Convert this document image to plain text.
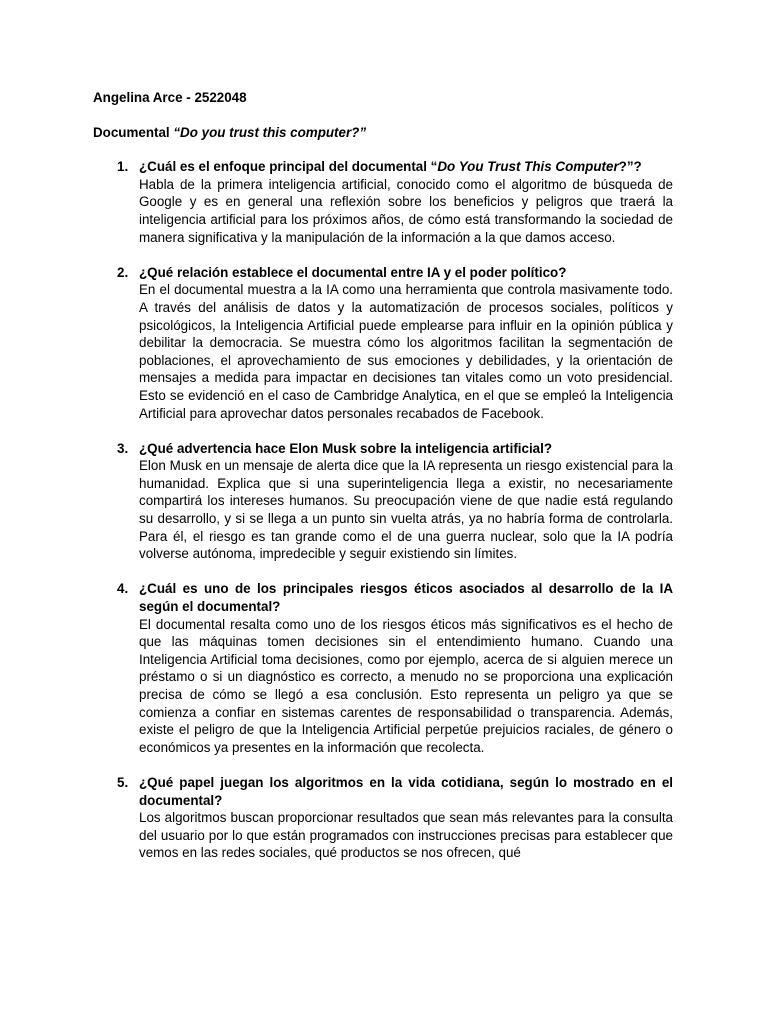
Angelina Arce - 2522048
Documental “Do you trust this computer?”
1. ¿Cuál es el enfoque principal del documental “Do You Trust This Computer?”?

Habla de la primera inteligencia artificial, conocido como el algoritmo de búsqueda de Google y es en general una reflexión sobre los beneficios y peligros que traerá la inteligencia artificial para los próximos años, de cómo está transformando la sociedad de manera significativa y la manipulación de la información a la que damos acceso.

2. ¿Qué relación establece el documental entre IA y el poder político?

En el documental muestra a la IA como una herramienta que controla masivamente todo. A través del análisis de datos y la automatización de procesos sociales, políticos y psicológicos, la Inteligencia Artificial puede emplearse para influir en la opinión pública y debilitar la democracia. Se muestra cómo los algoritmos facilitan la segmentación de poblaciones, el aprovechamiento de sus emociones y debilidades, y la orientación de mensajes a medida para impactar en decisiones tan vitales como un voto presidencial. Esto se evidenció en el caso de Cambridge Analytica, en el que se empleó la Inteligencia Artificial para aprovechar datos personales recabados de Facebook.

3. ¿Qué advertencia hace Elon Musk sobre la inteligencia artificial?

Elon Musk en un mensaje de alerta dice que la IA representa un riesgo existencial para la humanidad. Explica que si una superinteligencia llega a existir, no necesariamente compartirá los intereses humanos. Su preocupación viene de que nadie está regulando su desarrollo, y si se llega a un punto sin vuelta atrás, ya no habría forma de controlarla. Para él, el riesgo es tan grande como el de una guerra nuclear, solo que la IA podría volverse autónoma, impredecible y seguir existiendo sin límites.

4. ¿Cuál es uno de los principales riesgos éticos asociados al desarrollo de la IA según el documental?

El documental resalta como uno de los riesgos éticos más significativos es el hecho de que las máquinas tomen decisiones sin el entendimiento humano. Cuando una Inteligencia Artificial toma decisiones, como por ejemplo, acerca de si alguien merece un préstamo o si un diagnóstico es correcto, a menudo no se proporciona una explicación precisa de cómo se llegó a esa conclusión. Esto representa un peligro ya que se comienza a confiar en sistemas carentes de responsabilidad o transparencia. Además, existe el peligro de que la Inteligencia Artificial perpetúe prejuicios raciales, de género o económicos ya presentes en la información que recolecta.

5. ¿Qué papel juegan los algoritmos en la vida cotidiana, según lo mostrado en el documental?

Los algoritmos buscan proporcionar resultados que sean más relevantes para la consulta del usuario por lo que están programados con instrucciones precisas para establecer que vemos en las redes sociales, qué productos se nos ofrecen, qué
